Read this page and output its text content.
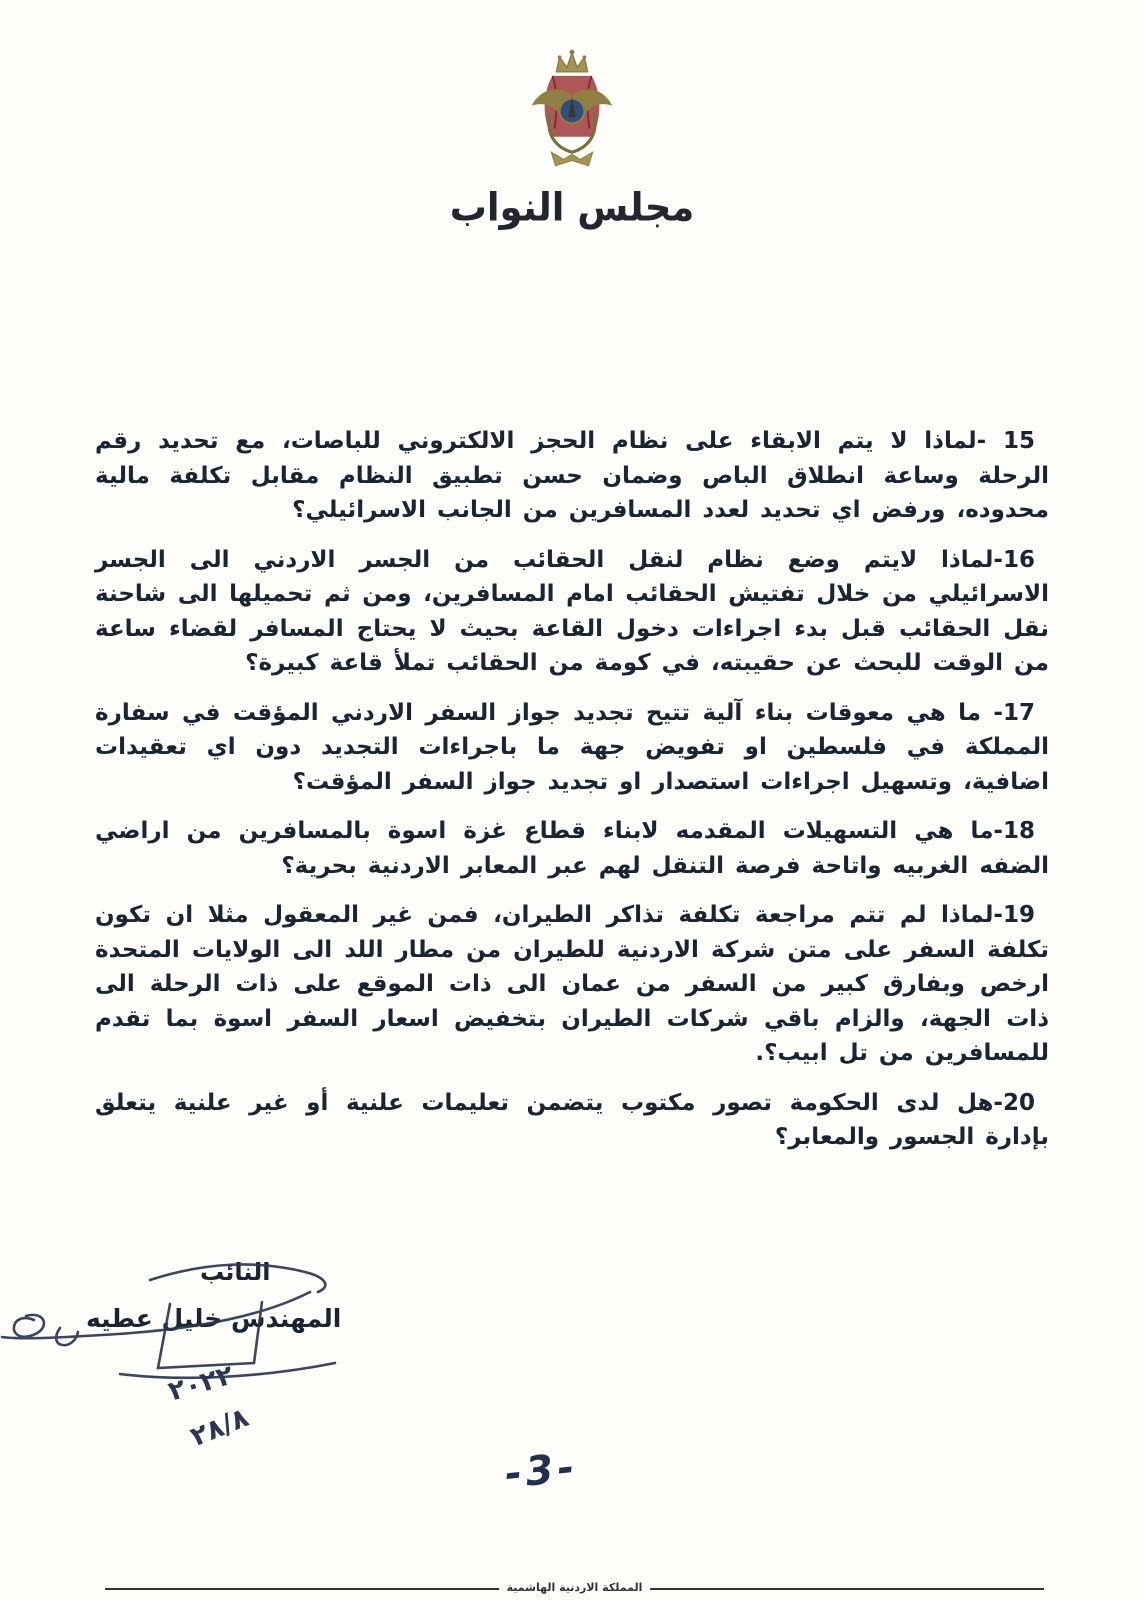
مجلس النواب

15 -لماذا لا يتم الابقاء على نظام الحجز الالكتروني للباصات، مع تحديد رقم الرحلة وساعة انطلاق الباص وضمان حسن تطبيق النظام مقابل تكلفة مالية محدوده، ورفض اي تحديد لعدد المسافرين من الجانب الاسرائيلي؟

16-لماذا لايتم وضع نظام لنقل الحقائب من الجسر الاردني الى الجسر الاسرائيلي من خلال تفتيش الحقائب امام المسافرين، ومن ثم تحميلها الى شاحنة نقل الحقائب قبل بدء اجراءات دخول القاعة بحيث لا يحتاج المسافر لقضاء ساعة من الوقت للبحث عن حقيبته، في كومة من الحقائب تملأ قاعة كبيرة؟

17- ما هي معوقات بناء آلية تتيح تجديد جواز السفر الاردني المؤقت في سفارة المملكة في فلسطين او تفويض جهة ما باجراءات التجديد دون اي تعقيدات اضافية، وتسهيل اجراءات استصدار او تجديد جواز السفر المؤقت؟

18-ما هي التسهيلات المقدمه لابناء قطاع غزة اسوة بالمسافرين من اراضي الضفه الغربيه واتاحة فرصة التنقل لهم عبر المعابر الاردنية بحرية؟

19-لماذا لم تتم مراجعة تكلفة تذاكر الطيران، فمن غير المعقول مثلا ان تكون تكلفة السفر على متن شركة الاردنية للطيران من مطار اللد الى الولايات المتحدة ارخص وبفارق كبير من السفر من عمان الى ذات الموقع على ذات الرحلة الى ذات الجهة، والزام باقي شركات الطيران بتخفيض اسعار السفر اسوة بما تقدم للمسافرين من تل ابيب؟.

20-هل لدى الحكومة تصور مكتوب يتضمن تعليمات علنية أو غير علنية يتعلق بإدارة الجسور والمعابر؟

النائب
المهندس خليل عطيه
٢٠٢٢
٢٨/٨
-3-
المملكة الاردنية الهاشمية
